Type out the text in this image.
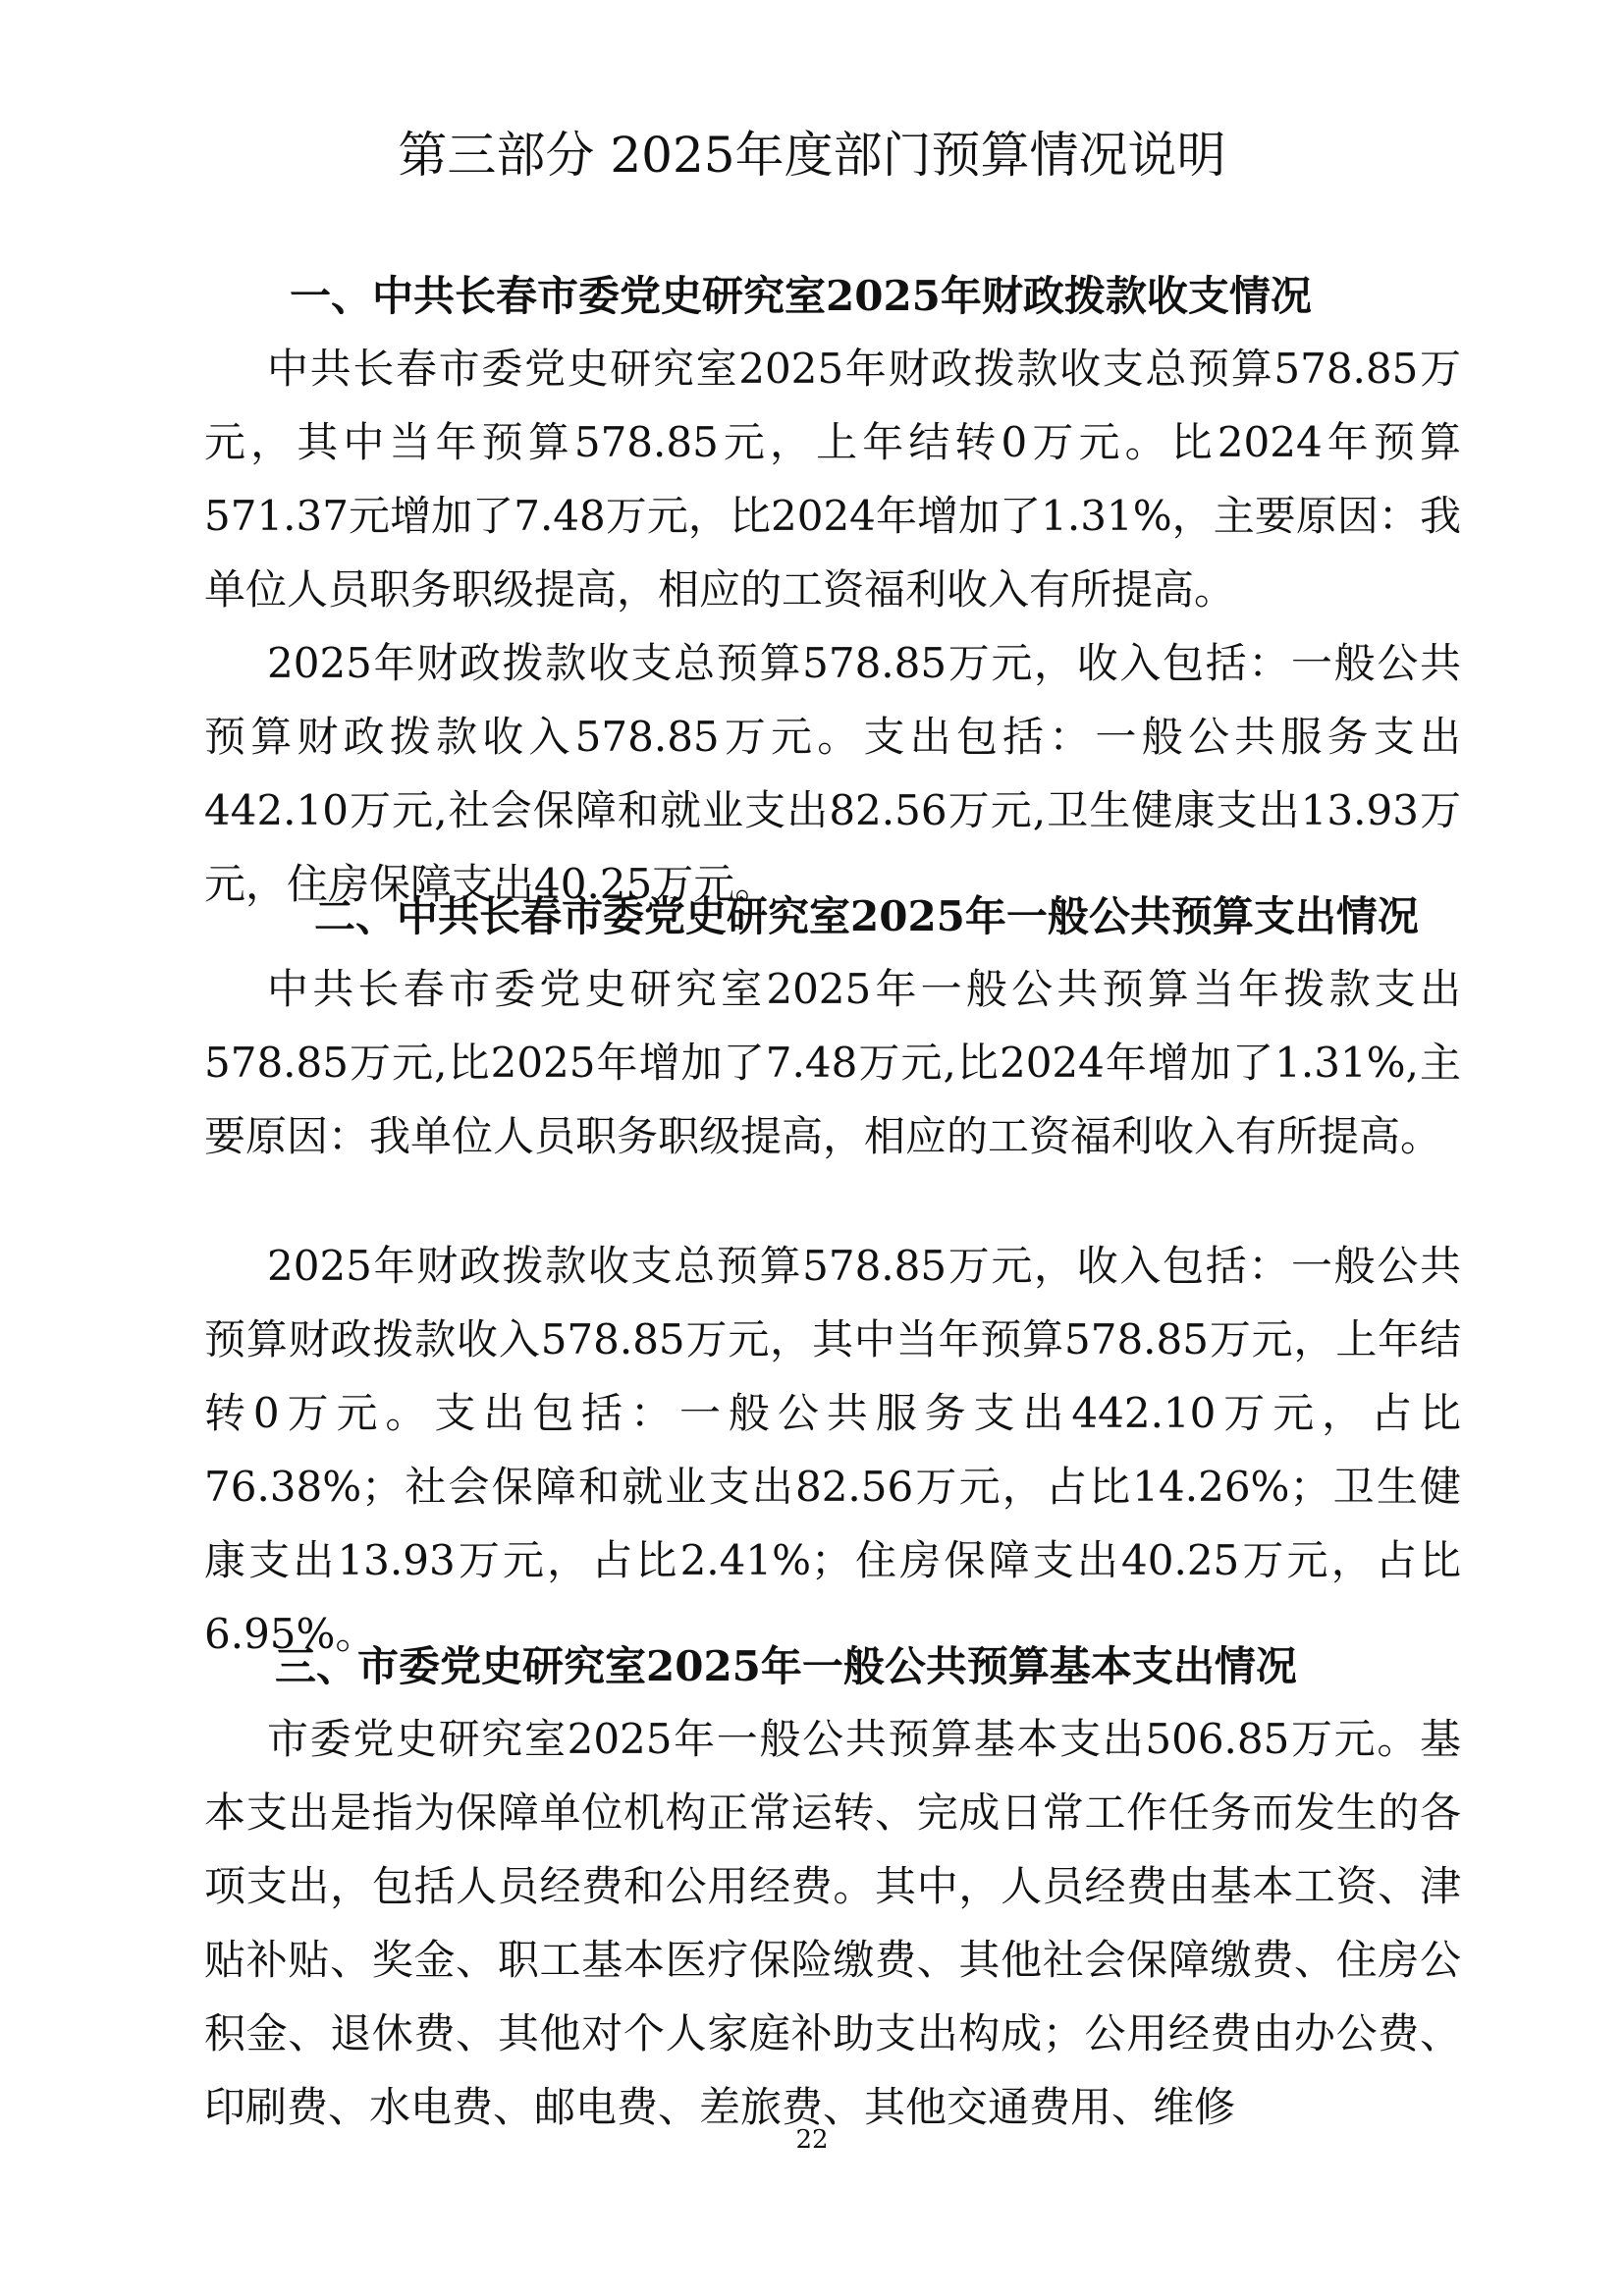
第三部分 2025年度部门预算情况说明
一、中共长春市委党史研究室2025年财政拨款收支情况

中共长春市委党史研究室2025年财政拨款收支总预算578.85万元，其中当年预算578.85元，上年结转0万元。比2024年预算571.37元增加了7.48万元，比2024年增加了1.31%，主要原因：我单位人员职务职级提高，相应的工资福利收入有所提高。

2025年财政拨款收支总预算578.85万元，收入包括：一般公共预算财政拨款收入578.85万元。支出包括：一般公共服务支出442.10万元,社会保障和就业支出82.56万元,卫生健康支出13.93万元，住房保障支出40.25万元。

二、中共长春市委党史研究室2025年一般公共预算支出情况

中共长春市委党史研究室2025年一般公共预算当年拨款支出578.85万元,比2025年增加了7.48万元,比2024年增加了1.31%,主要原因：我单位人员职务职级提高，相应的工资福利收入有所提高。

2025年财政拨款收支总预算578.85万元，收入包括：一般公共预算财政拨款收入578.85万元，其中当年预算578.85万元，上年结转0万元。支出包括：一般公共服务支出442.10万元，占比76.38%；社会保障和就业支出82.56万元，占比14.26%；卫生健康支出13.93万元，占比2.41%；住房保障支出40.25万元，占比6.95%。

三、市委党史研究室2025年一般公共预算基本支出情况

市委党史研究室2025年一般公共预算基本支出506.85万元。基本支出是指为保障单位机构正常运转、完成日常工作任务而发生的各项支出，包括人员经费和公用经费。其中，人员经费由基本工资、津贴补贴、奖金、职工基本医疗保险缴费、其他社会保障缴费、住房公积金、退休费、其他对个人家庭补助支出构成；公用经费由办公费、印刷费、水电费、邮电费、差旅费、其他交通费用、维修

22
